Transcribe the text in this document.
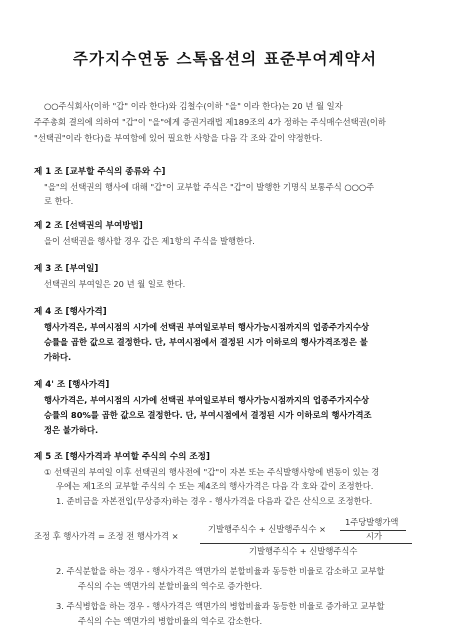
주가지수연동 스톡옵션의 표준부여계약서
○○주식회사(이하 "갑" 이라 한다)와 김철수(이하 "을" 이라 한다)는 20 년 월 일자
주주총회 결의에 의하여 "갑"이 "을"에게 증권거래법 제189조의 4가 정하는 주식매수선택권(이하
"선택권"이라 한다)을 부여함에 있어 필요한 사항을 다음 각 조와 같이 약정한다.
제 1 조 [교부할 주식의 종류와 수]
"을"의 선택권의 행사에 대해 "갑"이 교부할 주식은 "갑"이 발행한 기명식 보통주식 ○○○주
로 한다.
제 2 조 [선택권의 부여방법]
을이 선택권을 행사할 경우 갑은 제1항의 주식을 발행한다.
제 3 조 [부여일]
선택권의 부여일은 20 년 월 일로 한다.
제 4 조 [행사가격]
행사가격은, 부여시점의 시가에 선택권 부여일로부터 행사가능시점까지의 업종주가지수상
승률을 곱한 값으로 결정한다. 단, 부여시점에서 결정된 시가 이하로의 행사가격조정은 불
가하다.
제 4' 조 [행사가격]
행사가격은, 부여시점의 시가에 선택권 부여일로부터 행사가능시점까지의 업종주가지수상
승률의 80%를 곱한 값으로 결정한다. 단, 부여시점에서 결정된 시가 이하로의 행사가격조
정은 불가하다.
제 5 조 [행사가격과 부여할 주식의 수의 조정]
① 선택권의 부여일 이후 선택권의 행사전에 "갑"이 자본 또는 주식발행사항에 변동이 있는 경
우에는 제1조의 교부할 주식의 수 또는 제4조의 행사가격은 다음 각 호와 같이 조정한다.
1. 준비금을 자본전입(무상증자)하는 경우 - 행사가격을 다음과 같은 산식으로 조정한다.
조정 후 행사가격 = 조정 전 행사가격 ×
기발행주식수 + 신발행주식수 ×
1주당발행가액
시가
기발행주식수 + 신발행주식수
2. 주식분할을 하는 경우 - 행사가격은 액면가의 분할비율과 동등한 비율로 감소하고 교부할
주식의 수는 액면가의 분할비율의 역수로 증가한다.
3. 주식병합을 하는 경우 - 행사가격은 액면가의 병합비율과 동등한 비율로 증가하고 교부할
주식의 수는 액면가의 병합비율의 역수로 감소한다.
